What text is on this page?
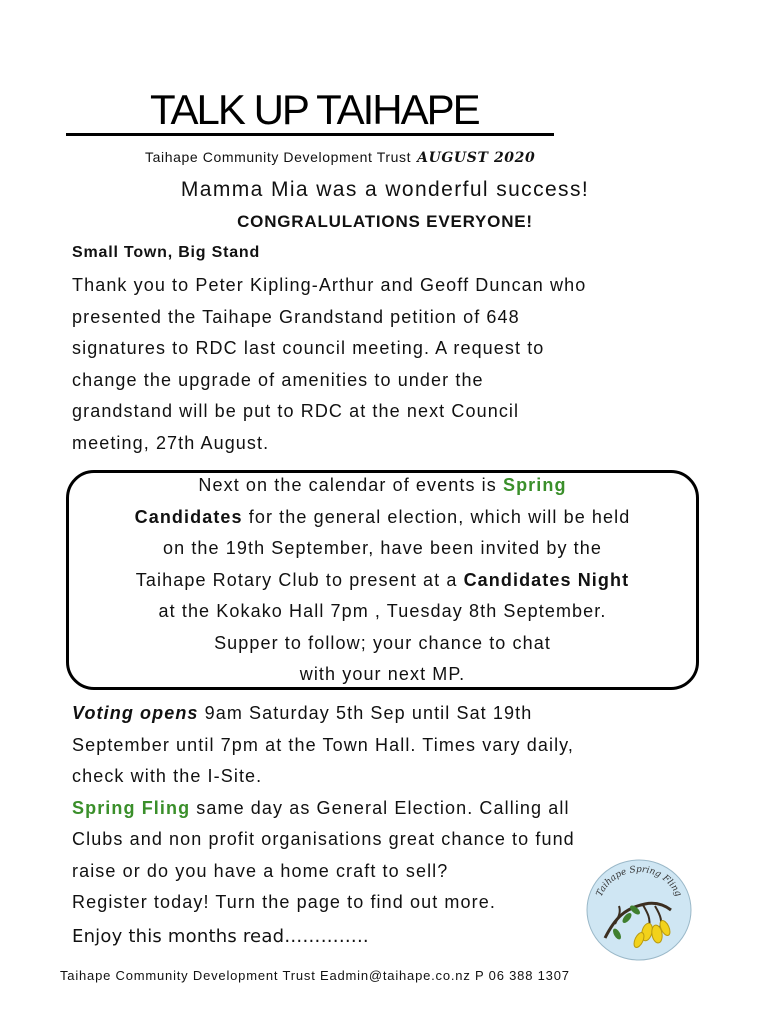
TALK UP TAIHAPE
Taihape Community Development Trust AUGUST 2020
Mamma Mia was a wonderful success!
CONGRALULATIONS EVERYONE!
Small Town, Big Stand
Thank you to Peter Kipling-Arthur and Geoff Duncan who
presented the Taihape Grandstand petition of 648
signatures to RDC last council meeting. A request to
change the upgrade of amenities to under the
grandstand will be put to RDC at the next Council
meeting, 27th August.
Next on the calendar of events is Spring
Candidates for the general election, which will be held
on the 19th September, have been invited by the
Taihape Rotary Club to present at a Candidates Night
at the Kokako Hall 7pm , Tuesday 8th September.
Supper to follow; your chance to chat
with your next MP.
Voting opens 9am Saturday 5th Sep until Sat 19th
September until 7pm at the Town Hall. Times vary daily,
check with the I-Site.
Spring Fling same day as General Election. Calling all
Clubs and non profit organisations great chance to fund
raise or do you have a home craft to sell?
Register today! Turn the page to find out more.
Enjoy this months read…………..
Taihape Community Development Trust Eadmin@taihape.co.nz P 06 388 1307
Taihape Spring Fling
